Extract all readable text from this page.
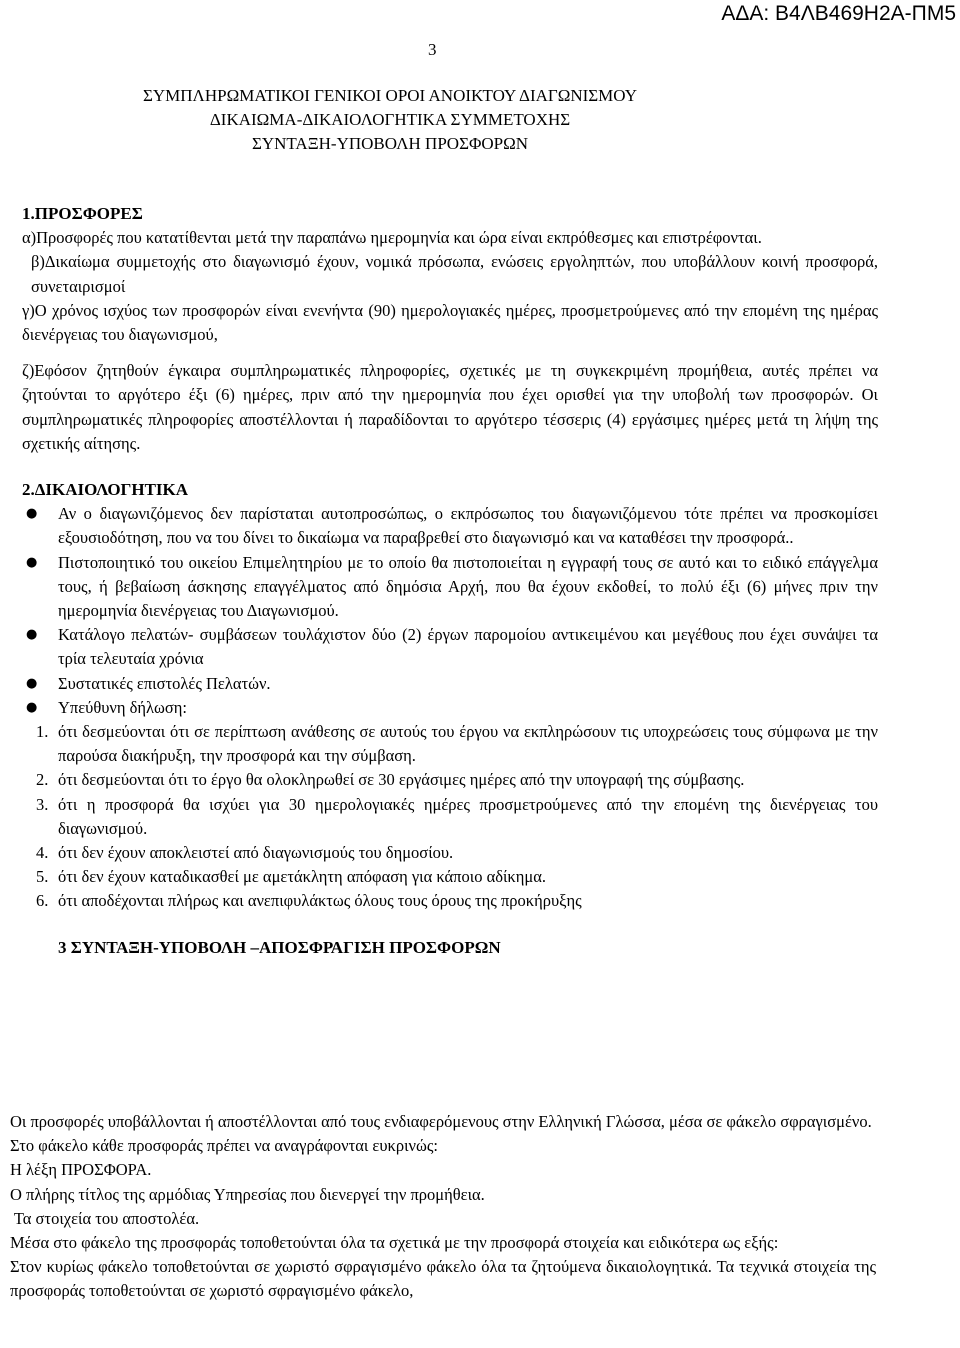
ΑΔΑ: Β4ΛΒ469Η2Α-ΠΜ5
3
ΣΥΜΠΛΗΡΩΜΑΤΙΚΟΙ ΓΕΝΙΚΟΙ ΟΡΟΙ ΑΝΟΙΚΤΟΥ ΔΙΑΓΩΝΙΣΜΟΥ
ΔΙΚΑΙΩΜΑ-ΔΙΚΑΙΟΛΟΓΗΤΙΚΑ ΣΥΜΜΕΤΟΧΗΣ
ΣΥΝΤΑΞΗ-ΥΠΟΒΟΛΗ ΠΡΟΣΦΟΡΩΝ

1.ΠΡΟΣΦΟΡΕΣ

α)Προσφορές που κατατίθενται μετά την παραπάνω ημερομηνία και ώρα είναι εκπρόθεσμες και επιστρέφονται.

β)Δικαίωμα συμμετοχής στο διαγωνισμό έχουν, νομικά πρόσωπα, ενώσεις εργοληπτών, που υποβάλλουν κοινή προσφορά, συνεταιρισμοί

γ)Ο χρόνος ισχύος των προσφορών είναι ενενήντα (90) ημερολογιακές ημέρες, προσμετρούμενες από την επομένη της ημέρας διενέργειας του διαγωνισμού,

ζ)Εφόσον ζητηθούν έγκαιρα συμπληρωματικές πληροφορίες, σχετικές με τη συγκεκριμένη προμήθεια, αυτές πρέπει να ζητούνται το αργότερο έξι (6) ημέρες, πριν από την ημερομηνία που έχει ορισθεί για την υποβολή των προσφορών. Οι συμπληρωματικές πληροφορίες αποστέλλονται ή παραδίδονται το αργότερο τέσσερις (4) εργάσιμες ημέρες μετά τη λήψη της σχετικής αίτησης.

2.ΔΙΚΑΙΟΛΟΓΗΤΙΚΑ

● Αν ο διαγωνιζόμενος δεν παρίσταται αυτοπροσώπως, ο εκπρόσωπος του διαγωνιζόμενου τότε πρέπει να προσκομίσει εξουσιοδότηση, που να του δίνει το δικαίωμα να παραβρεθεί στο διαγωνισμό και να καταθέσει την προσφορά..
● Πιστοποιητικό του οικείου Επιμελητηρίου με το οποίο θα πιστοποιείται η εγγραφή τους σε αυτό και το ειδικό επάγγελμα τους, ή βεβαίωση άσκησης επαγγέλματος από δημόσια Αρχή, που θα έχουν εκδοθεί, το πολύ έξι (6) μήνες πριν την ημερομηνία διενέργειας του Διαγωνισμού.
● Κατάλογο πελατών- συμβάσεων τουλάχιστον δύο (2) έργων παρομοίου αντικειμένου και μεγέθους που έχει συνάψει τα τρία τελευταία χρόνια
● Συστατικές επιστολές Πελατών.
● Υπεύθυνη δήλωση:
1. ότι δεσμεύονται ότι σε περίπτωση ανάθεσης σε αυτούς του έργου να εκπληρώσουν τις υποχρεώσεις τους σύμφωνα με την παρούσα διακήρυξη, την προσφορά και την σύμβαση.
2. ότι δεσμεύονται ότι το έργο θα ολοκληρωθεί σε 30 εργάσιμες ημέρες από την υπογραφή της σύμβασης.
3. ότι η προσφορά θα ισχύει για 30 ημερολογιακές ημέρες προσμετρούμενες από την επομένη της διενέργειας του διαγωνισμού.
4. ότι δεν έχουν αποκλειστεί από διαγωνισμούς του δημοσίου.
5. ότι δεν έχουν καταδικασθεί με αμετάκλητη απόφαση για κάποιο αδίκημα.
6. ότι αποδέχονται πλήρως και ανεπιφυλάκτως όλους τους όρους της προκήρυξης

3 ΣΥΝΤΑΞΗ-ΥΠΟΒΟΛΗ –ΑΠΟΣΦΡΑΓΙΣΗ ΠΡΟΣΦΟΡΩΝ

Οι προσφορές υποβάλλονται ή αποστέλλονται από τους ενδιαφερόμενους στην Ελληνική Γλώσσα, μέσα σε φάκελο σφραγισμένο.

Στο φάκελο κάθε προσφοράς πρέπει να αναγράφονται ευκρινώς:

Η λέξη ΠΡΟΣΦΟΡΑ.

Ο πλήρης τίτλος της αρμόδιας Υπηρεσίας που διενεργεί την προμήθεια.

Τα στοιχεία του αποστολέα.

Μέσα στο φάκελο της προσφοράς τοποθετούνται όλα τα σχετικά με την προσφορά στοιχεία και ειδικότερα ως εξής:

Στον κυρίως φάκελο τοποθετούνται σε χωριστό σφραγισμένο φάκελο όλα τα ζητούμενα δικαιολογητικά. Τα τεχνικά στοιχεία της προσφοράς τοποθετούνται σε χωριστό σφραγισμένο φάκελο,
